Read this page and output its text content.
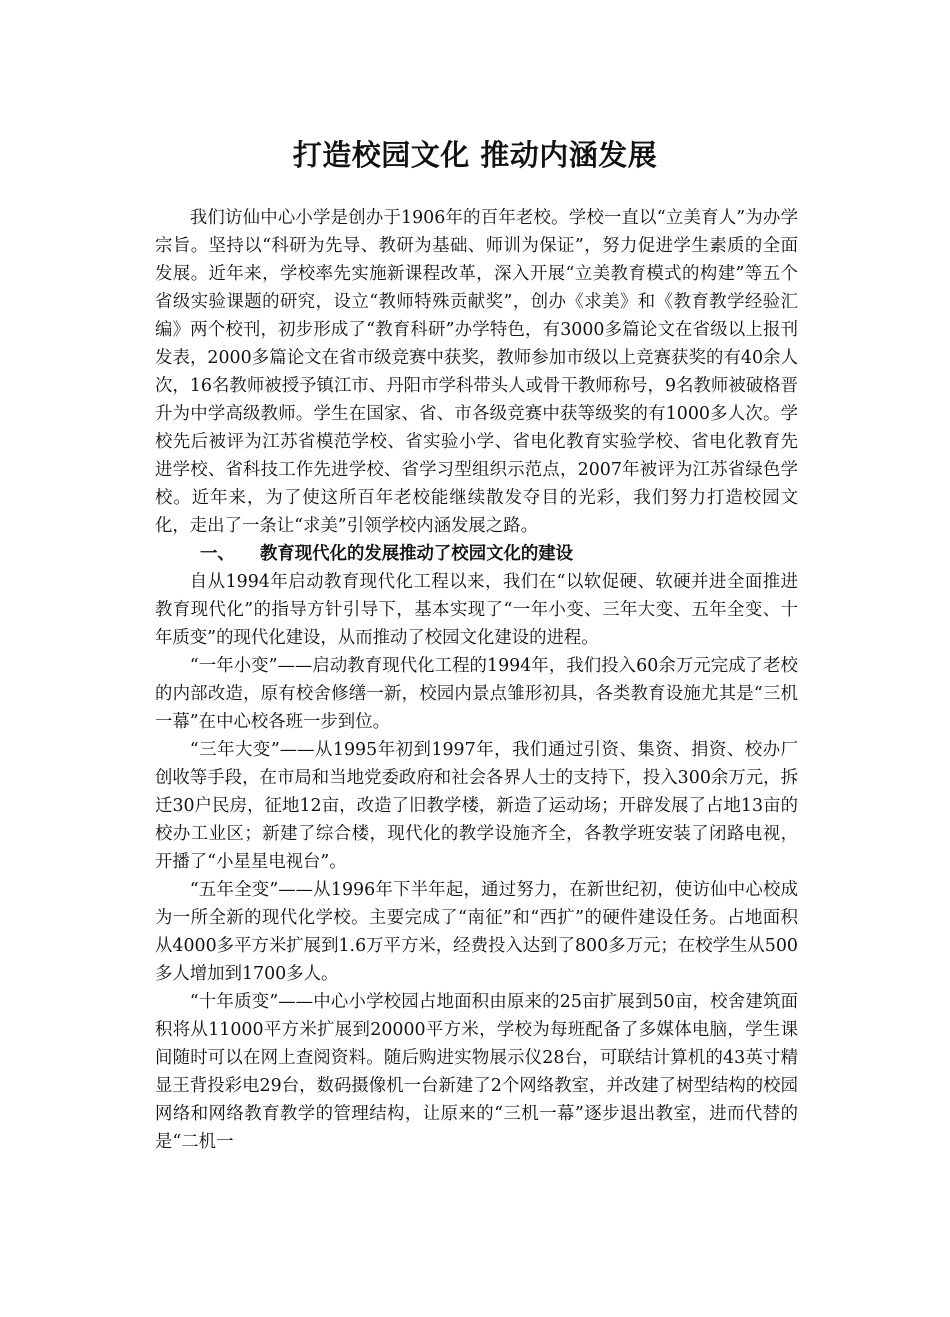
打造校园文化 推动内涵发展

我们访仙中心小学是创办于1906年的百年老校。学校一直以“立美育人”为办学宗旨。坚持以“科研为先导、教研为基础、师训为保证”，努力促进学生素质的全面发展。近年来，学校率先实施新课程改革，深入开展“立美教育模式的构建”等五个省级实验课题的研究，设立“教师特殊贡献奖”，创办《求美》和《教育教学经验汇编》两个校刊，初步形成了“教育科研”办学特色，有3000多篇论文在省级以上报刊发表，2000多篇论文在省市级竞赛中获奖，教师参加市级以上竞赛获奖的有40余人次，16名教师被授予镇江市、丹阳市学科带头人或骨干教师称号，9名教师被破格晋升为中学高级教师。学生在国家、省、市各级竞赛中获等级奖的有1000多人次。学校先后被评为江苏省模范学校、省实验小学、省电化教育实验学校、省电化教育先进学校、省科技工作先进学校、省学习型组织示范点，2007年被评为江苏省绿色学校。近年来，为了使这所百年老校能继续散发夺目的光彩，我们努力打造校园文化，走出了一条让“求美”引领学校内涵发展之路。

一、 教育现代化的发展推动了校园文化的建设

自从1994年启动教育现代化工程以来，我们在“以软促硬、软硬并进全面推进教育现代化”的指导方针引导下，基本实现了“一年小变、三年大变、五年全变、十年质变”的现代化建设，从而推动了校园文化建设的进程。

“一年小变”——启动教育现代化工程的1994年，我们投入60余万元完成了老校的内部改造，原有校舍修缮一新，校园内景点雏形初具，各类教育设施尤其是“三机一幕”在中心校各班一步到位。

“三年大变”——从1995年初到1997年，我们通过引资、集资、捐资、校办厂创收等手段，在市局和当地党委政府和社会各界人士的支持下，投入300余万元，拆迁30户民房，征地12亩，改造了旧教学楼，新造了运动场；开辟发展了占地13亩的校办工业区；新建了综合楼，现代化的教学设施齐全，各教学班安装了闭路电视，开播了“小星星电视台”。

“五年全变”——从1996年下半年起，通过努力，在新世纪初，使访仙中心校成为一所全新的现代化学校。主要完成了“南征”和“西扩”的硬件建设任务。占地面积从4000多平方米扩展到1.6万平方米，经费投入达到了800多万元；在校学生从500多人增加到1700多人。

“十年质变”——中心小学校园占地面积由原来的25亩扩展到50亩，校舍建筑面积将从11000平方米扩展到20000平方米，学校为每班配备了多媒体电脑，学生课间随时可以在网上查阅资料。随后购进实物展示仪28台，可联结计算机的43英寸精显王背投彩电29台，数码摄像机一台新建了2个网络教室，并改建了树型结构的校园网络和网络教育教学的管理结构，让原来的“三机一幕”逐步退出教室，进而代替的是“二机一
